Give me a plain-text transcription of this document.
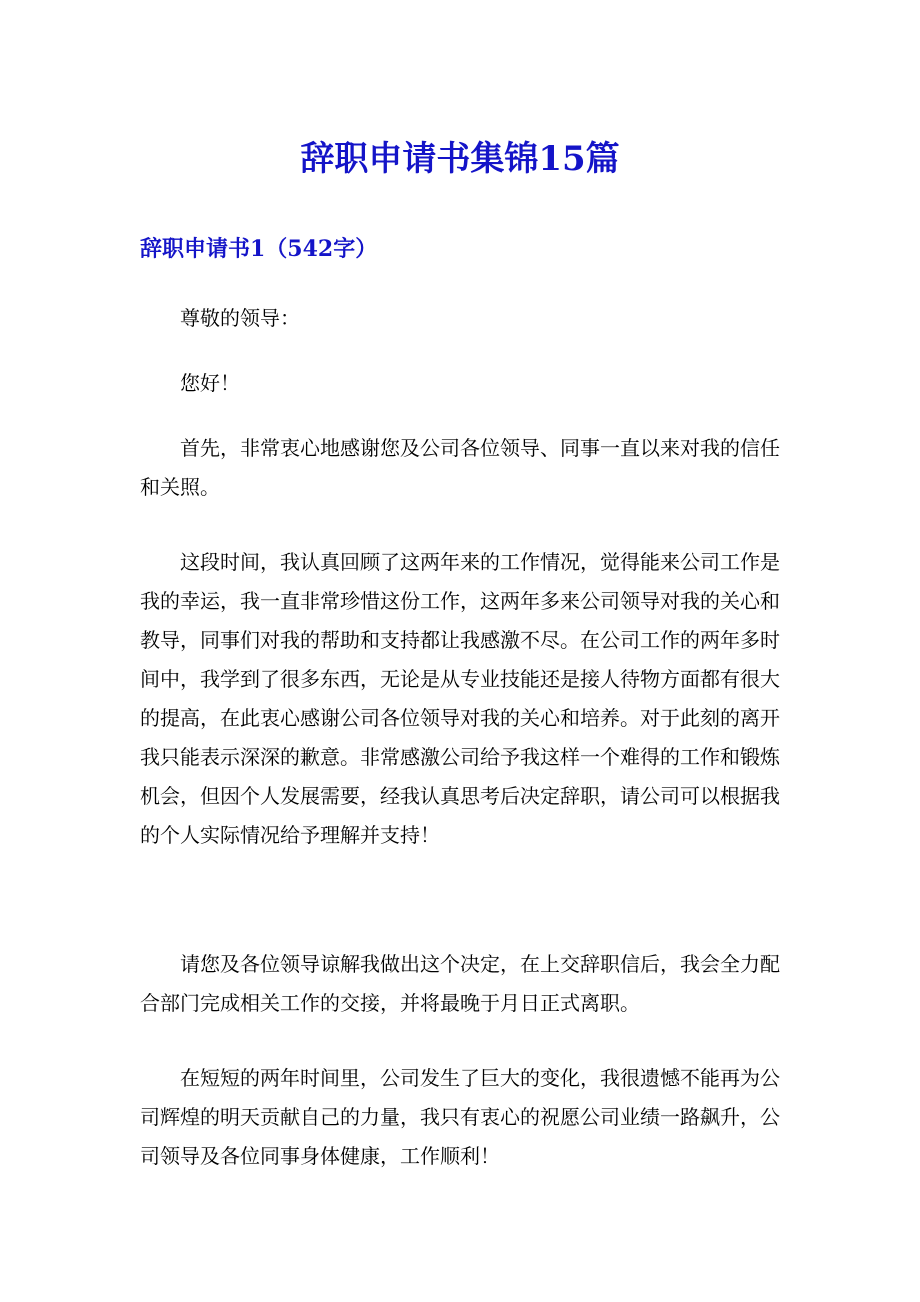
辞职申请书集锦15篇
辞职申请书1（542字）

尊敬的领导：

您好！

首先，非常衷心地感谢您及公司各位领导、同事一直以来对我的信任和关照。

这段时间，我认真回顾了这两年来的工作情况，觉得能来公司工作是我的幸运，我一直非常珍惜这份工作，这两年多来公司领导对我的关心和教导，同事们对我的帮助和支持都让我感激不尽。在公司工作的两年多时间中，我学到了很多东西，无论是从专业技能还是接人待物方面都有很大的提高，在此衷心感谢公司各位领导对我的关心和培养。对于此刻的离开我只能表示深深的歉意。非常感激公司给予我这样一个难得的工作和锻炼机会，但因个人发展需要，经我认真思考后决定辞职，请公司可以根据我的个人实际情况给予理解并支持！

请您及各位领导谅解我做出这个决定，在上交辞职信后，我会全力配合部门完成相关工作的交接，并将最晚于月日正式离职。

在短短的两年时间里，公司发生了巨大的变化，我很遗憾不能再为公司辉煌的明天贡献自己的力量，我只有衷心的祝愿公司业绩一路飙升，公司领导及各位同事身体健康，工作顺利！
